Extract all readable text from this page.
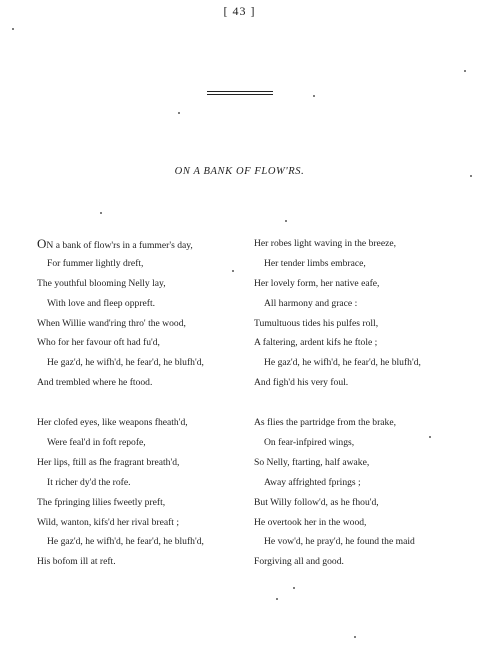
[ 43 ]
ON A BANK OF FLOW'RS.
ON a bank of flow'rs in a fummer's day,
For fummer lightly dreft,
The youthful blooming Nelly lay,
With love and fleep oppreft.
When Willie wand'ring thro' the wood,
Who for her favour oft had fu'd,
He gaz'd, he wifh'd, he fear'd, he blufh'd,
And trembled where he ftood.
Her clofed eyes, like weapons fheath'd,
Were feal'd in foft repofe,
Her lips, ftill as fhe fragrant breath'd,
It richer dy'd the rofe.
The fpringing lilies fweetly preft,
Wild, wanton, kifs'd her rival breaft ;
He gaz'd, he wifh'd, he fear'd, he blufh'd,
His bofom ill at reft.
Her robes light waving in the breeze,
Her tender limbs embrace,
Her lovely form, her native eafe,
All harmony and grace :
Tumultuous tides his pulfes roll,
A faltering, ardent kifs he ftole ;
He gaz'd, he wifh'd, he fear'd, he blufh'd,
And figh'd his very foul.
As flies the partridge from the brake,
On fear-infpired wings,
So Nelly, ftarting, half awake,
Away affrighted fprings ;
But Willy follow'd, as he fhou'd,
He overtook her in the wood,
He vow'd, he pray'd, he found the maid
Forgiving all and good.
